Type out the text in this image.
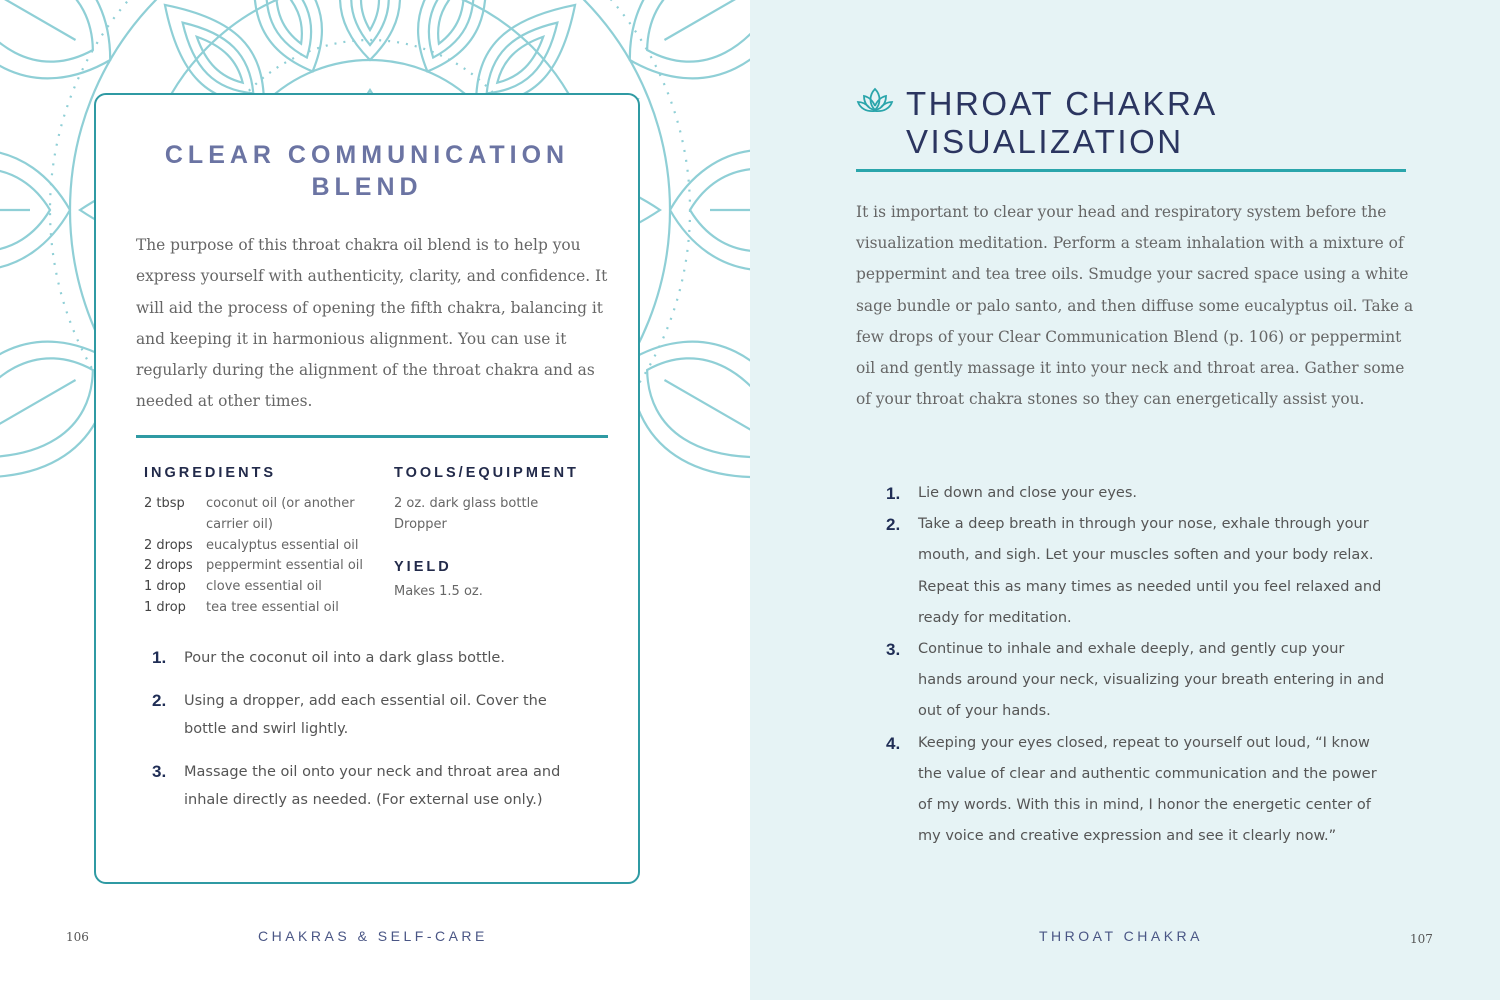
CLEAR COMMUNICATION
BLEND

The purpose of this throat chakra oil blend is to help you express yourself with authenticity, clarity, and confidence. It will aid the process of opening the fifth chakra, balancing it and keeping it in harmonious alignment. You can use it regularly during the alignment of the throat chakra and as needed at other times.

INGREDIENTS
2 tbsp	coconut oil (or another carrier oil)
2 drops	eucalyptus essential oil
2 drops	peppermint essential oil
1 drop	clove essential oil
1 drop	tea tree essential oil
TOOLS/EQUIPMENT
2 oz. dark glass bottle
Dropper
YIELD
Makes 1.5 oz.
1.	Pour the coconut oil into a dark glass bottle.
2.	Using a dropper, add each essential oil. Cover the bottle and swirl lightly.
3.	Massage the oil onto your neck and throat area and inhale directly as needed. (For external use only.)
106	CHAKRAS & SELF-CARE
THROAT CHAKRA
VISUALIZATION

It is important to clear your head and respiratory system before the visualization meditation. Perform a steam inhalation with a mixture of peppermint and tea tree oils. Smudge your sacred space using a white sage bundle or palo santo, and then diffuse some eucalyptus oil. Take a few drops of your Clear Communication Blend (p. 106) or peppermint oil and gently massage it into your neck and throat area. Gather some of your throat chakra stones so they can energetically assist you.

1.	Lie down and close your eyes.
2.	Take a deep breath in through your nose, exhale through your mouth, and sigh. Let your muscles soften and your body relax. Repeat this as many times as needed until you feel relaxed and ready for meditation.
3.	Continue to inhale and exhale deeply, and gently cup your hands around your neck, visualizing your breath entering in and out of your hands.
4.	Keeping your eyes closed, repeat to yourself out loud, “I know the value of clear and authentic communication and the power of my words. With this in mind, I honor the energetic center of my voice and creative expression and see it clearly now.”
THROAT CHAKRA	107
